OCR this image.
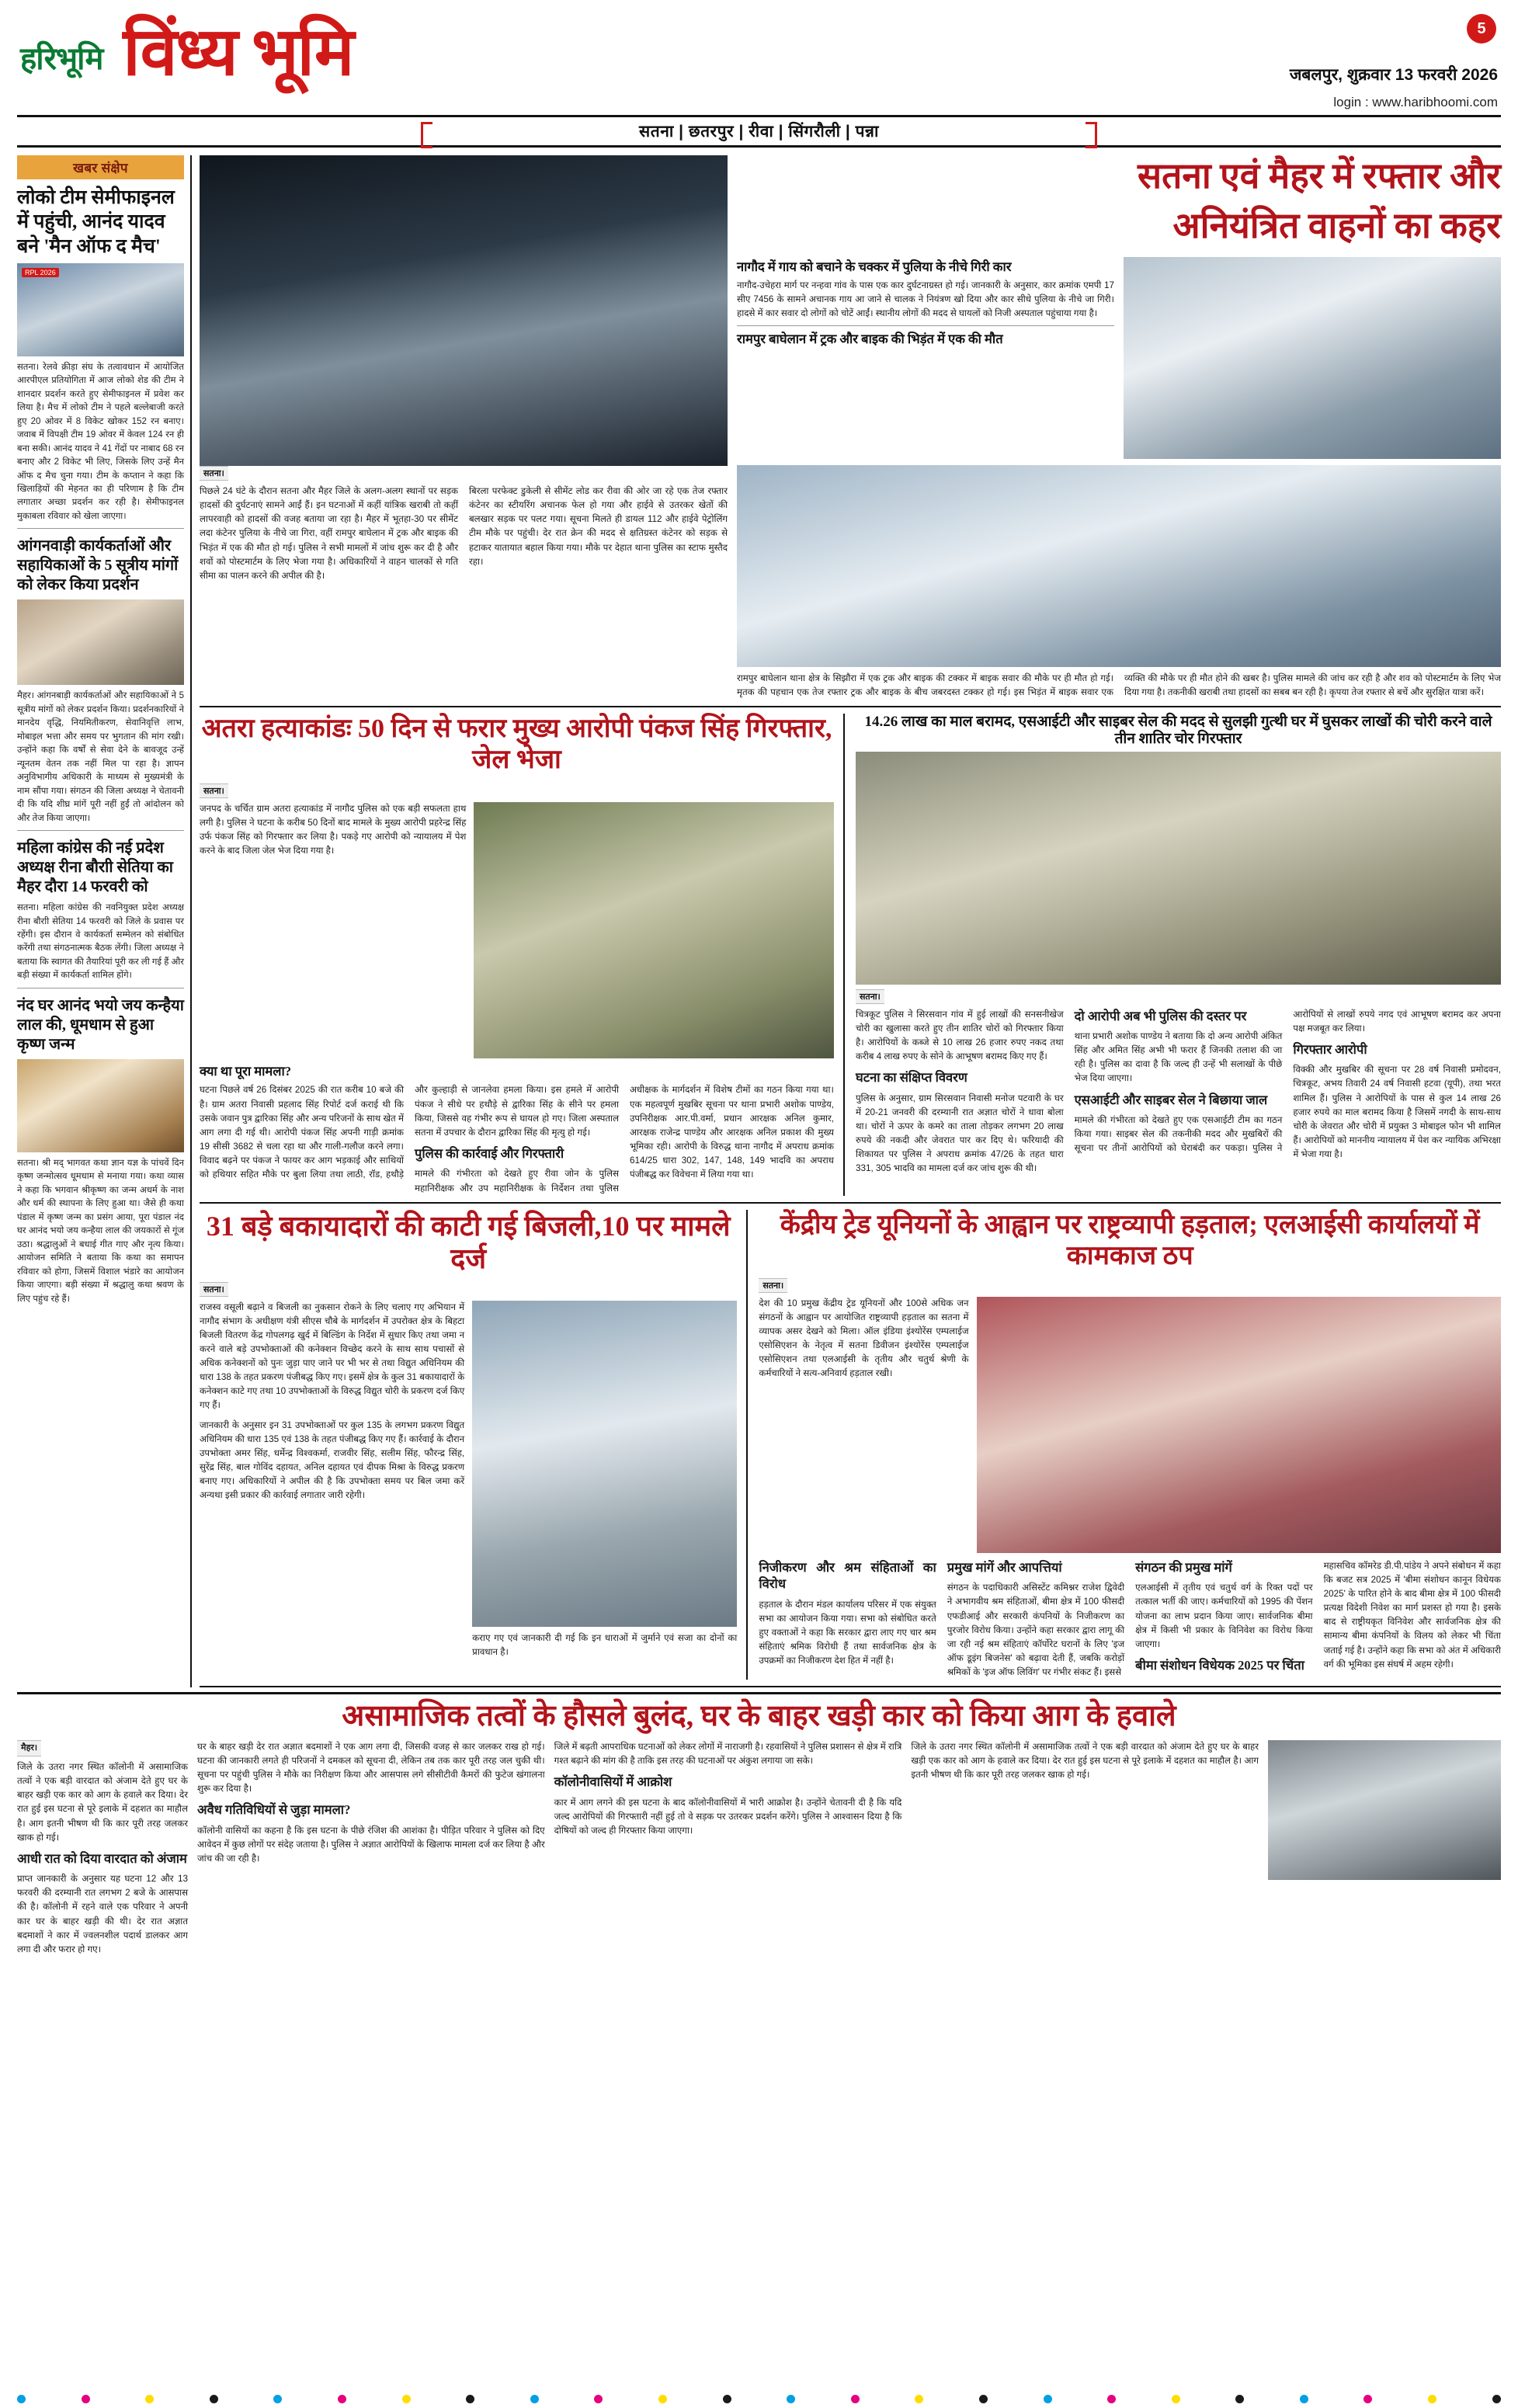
हरिभूमि विंध्य भूमि	जबलपुर, शुक्रवार 13 फरवरी 2026
login : www.haribhoomi.com
5
सतना | छतरपुर | रीवा | सिंगरौली | पन्ना
खबर संक्षेप
लोको टीम सेमीफाइनल में पहुंची, आनंद यादव बने 'मैन ऑफ द मैच'
RPL 2026
सतना। रेलवे क्रीड़ा संघ के तत्वावधान में आयोजित आरपीएल प्रतियोगिता में आज लोको शेड की टीम ने शानदार प्रदर्शन करते हुए सेमीफाइनल में प्रवेश कर लिया है। मैच में लोको टीम ने पहले बल्लेबाजी करते हुए 20 ओवर में 8 विकेट खोकर 152 रन बनाए। जवाब में विपक्षी टीम 19 ओवर में केवल 124 रन ही बना सकी। आनंद यादव ने 41 गेंदों पर नाबाद 68 रन बनाए और 2 विकेट भी लिए, जिसके लिए उन्हें मैन ऑफ द मैच चुना गया। टीम के कप्तान ने कहा कि खिलाड़ियों की मेहनत का ही परिणाम है कि टीम लगातार अच्छा प्रदर्शन कर रही है। सेमीफाइनल मुकाबला रविवार को खेला जाएगा।
आंगनवाड़ी कार्यकर्ताओं और सहायिकाओं के 5 सूत्रीय मांगों को लेकर किया प्रदर्शन
मैहर। आंगनबाड़ी कार्यकर्ताओं और सहायिकाओं ने 5 सूत्रीय मांगों को लेकर प्रदर्शन किया। प्रदर्शनकारियों ने मानदेय वृद्धि, नियमितीकरण, सेवानिवृत्ति लाभ, मोबाइल भत्ता और समय पर भुगतान की मांग रखी। उन्होंने कहा कि वर्षों से सेवा देने के बावजूद उन्हें न्यूनतम वेतन तक नहीं मिल पा रहा है। ज्ञापन अनुविभागीय अधिकारी के माध्यम से मुख्यमंत्री के नाम सौंपा गया। संगठन की जिला अध्यक्ष ने चेतावनी दी कि यदि शीघ्र मांगें पूरी नहीं हुईं तो आंदोलन को और तेज किया जाएगा।
महिला कांग्रेस की नई प्रदेश अध्यक्ष रीना बौराी सेतिया का मैहर दौरा 14 फरवरी को
सतना। महिला कांग्रेस की नवनियुक्त प्रदेश अध्यक्ष रीना बौराी सेतिया 14 फरवरी को जिले के प्रवास पर रहेंगी। इस दौरान वे कार्यकर्ता सम्मेलन को संबोधित करेंगी तथा संगठनात्मक बैठक लेंगी। जिला अध्यक्ष ने बताया कि स्वागत की तैयारियां पूरी कर ली गई हैं और बड़ी संख्या में कार्यकर्ता शामिल होंगे।
नंद घर आनंद भयो जय कन्हैया लाल की, धूमधाम से हुआ कृष्ण जन्म
सतना। श्री मद् भागवत कथा ज्ञान यज्ञ के पांचवें दिन कृष्ण जन्मोत्सव धूमधाम से मनाया गया। कथा व्यास ने कहा कि भगवान श्रीकृष्ण का जन्म अधर्म के नाश और धर्म की स्थापना के लिए हुआ था। जैसे ही कथा पंडाल में कृष्ण जन्म का प्रसंग आया, पूरा पंडाल नंद घर आनंद भयो जय कन्हैया लाल की जयकारों से गूंज उठा। श्रद्धालुओं ने बधाई गीत गाए और नृत्य किया। आयोजन समिति ने बताया कि कथा का समापन रविवार को होगा, जिसमें विशाल भंडारे का आयोजन किया जाएगा। बड़ी संख्या में श्रद्धालु कथा श्रवण के लिए पहुंच रहे हैं।
सतना।

पिछले 24 घंटे के दौरान सतना और मैहर जिले के अलग-अलग स्थानों पर सड़क हादसों की दुर्घटनाएं सामने आईं हैं। इन घटनाओं में कहीं यांत्रिक खराबी तो कहीं लापरवाही को हादसों की वजह बताया जा रहा है। मैहर में भूतहा-30 पर सीमेंट लदा कंटेनर पुलिया के नीचे जा गिरा, वहीं रामपुर बाघेलान में ट्रक और बाइक की भिड़ंत में एक की मौत हो गई। पुलिस ने सभी मामलों में जांच शुरू कर दी है और शवों को पोस्टमार्टम के लिए भेजा गया है। अधिकारियों ने वाहन चालकों से गति सीमा का पालन करने की अपील की है।

बिरला परफेक्ट डुकेली से सीमेंट लोड कर रीवा की ओर जा रहे एक तेज रफ्तार कंटेनर का स्टीयरिंग अचानक फेल हो गया और हाईवे से उतरकर खेतों की बलखार सड़क पर पलट गया। सूचना मिलते ही डायल 112 और हाईवे पेट्रोलिंग टीम मौके पर पहुंची। देर रात क्रेन की मदद से क्षतिग्रस्त कंटेनर को सड़क से हटाकर यातायात बहाल किया गया। मौके पर देहात थाना पुलिस का स्टाफ मुस्तैद रहा।

सतना एवं मैहर में रफ्तार और
अनियंत्रित वाहनों का कहर
नागौद में गाय को बचाने के चक्कर में पुलिया के नीचे गिरी कार
नागौद-उचेहरा मार्ग पर नन्हवा गांव के पास एक कार दुर्घटनाग्रस्त हो गई। जानकारी के अनुसार, कार क्रमांक एमपी 17 सीए 7456 के सामने अचानक गाय आ जाने से चालक ने नियंत्रण खो दिया और कार सीधे पुलिया के नीचे जा गिरी। हादसे में कार सवार दो लोगों को चोटें आईं। स्थानीय लोगों की मदद से घायलों को निजी अस्पताल पहुंचाया गया है।
रामपुर बाघेलान में ट्रक और बाइक की भिड़ंत में एक की मौत
रामपुर बाघेलान थाना क्षेत्र के सिझौरा में एक ट्रक और बाइक की टक्कर में बाइक सवार की मौके पर ही मौत हो गई। मृतक की पहचान एक तेज रफ्तार ट्रक और बाइक के बीच जबरदस्त टक्कर हो गई। इस भिड़ंत में बाइक सवार एक व्यक्ति की मौके पर ही मौत होने की खबर है। पुलिस मामले की जांच कर रही है और शव को पोस्टमार्टम के लिए भेज दिया गया है। तकनीकी खराबी तथा हादसों का सबब बन रही है। कृपया तेज रफ्तार से बचें और सुरक्षित यात्रा करें।
अतरा हत्याकांडः 50 दिन से फरार मुख्य आरोपी पंकज सिंह गिरफ्तार, जेल भेजा
सतना।
जनपद के चर्चित ग्राम अतरा हत्याकांड में नागौद पुलिस को एक बड़ी सफलता हाथ लगी है। पुलिस ने घटना के करीब 50 दिनों बाद मामले के मुख्य आरोपी प्रहरेन्द्र सिंह उर्फ पंकज सिंह को गिरफ्तार कर लिया है। पकड़े गए आरोपी को न्यायालय में पेश करने के बाद जिला जेल भेज दिया गया है।
क्या था पूरा मामला?

घटना पिछले वर्ष 26 दिसंबर 2025 की रात करीब 10 बजे की है। ग्राम अतरा निवासी प्रहलाद सिंह रिपोर्ट दर्ज कराई थी कि उसके जवान पुत्र द्वारिका सिंह और अन्य परिजनों के साथ खेत में आग लगा दी गई थी। आरोपी पंकज सिंह अपनी गाड़ी क्रमांक 19 सीसी 3682 से चला रहा था और गाली-गलौज करने लगा। विवाद बढ़ने पर पंकज ने फायर कर आग भड़काई और साथियों को हथियार सहित मौके पर बुला लिया तथा लाठी, रॉड, हथौड़े और कुल्हाड़ी से जानलेवा हमला किया। इस हमले में आरोपी पंकज ने सीधे पर हथौड़े से द्वारिका सिंह के सीने पर हमला किया, जिससे वह गंभीर रूप से घायल हो गए। जिला अस्पताल सतना में उपचार के दौरान द्वारिका सिंह की मृत्यु हो गई।

पुलिस की कार्रवाई और गिरफ्तारी

मामले की गंभीरता को देखते हुए रीवा जोन के पुलिस महानिरीक्षक और उप महानिरीक्षक के निर्देशन तथा पुलिस अधीक्षक के मार्गदर्शन में विशेष टीमों का गठन किया गया था। एक महत्वपूर्ण मुखबिर सूचना पर थाना प्रभारी अशोक पाण्डेय, उपनिरीक्षक आर.पी.वर्मा, प्रधान आरक्षक अनिल कुमार, आरक्षक राजेन्द्र पाण्डेय और आरक्षक अनिल प्रकाश की मुख्य भूमिका रही। आरोपी के विरुद्ध थाना नागौद में अपराध क्रमांक 614/25 धारा 302, 147, 148, 149 भादवि का अपराध पंजीबद्ध कर विवेचना में लिया गया था।

14.26 लाख का माल बरामद, एसआईटी और साइबर सेल की मदद से सुलझी गुत्थी घर में घुसकर लाखों की चोरी करने वाले तीन शातिर चोर गिरफ्तार
सतना।

चित्रकूट पुलिस ने सिरसवान गांव में हुई लाखों की सनसनीखेज चोरी का खुलासा करते हुए तीन शातिर चोरों को गिरफ्तार किया है। आरोपियों के कब्जे से 10 लाख 26 हजार रुपए नकद तथा करीब 4 लाख रुपए के सोने के आभूषण बरामद किए गए हैं।

घटना का संक्षिप्त विवरण

पुलिस के अनुसार, ग्राम सिरसवान निवासी मनोज पटवारी के घर में 20-21 जनवरी की दरम्यानी रात अज्ञात चोरों ने धावा बोला था। चोरों ने ऊपर के कमरे का ताला तोड़कर लगभग 20 लाख रुपये की नकदी और जेवरात पार कर दिए थे। फरियादी की शिकायत पर पुलिस ने अपराध क्रमांक 47/26 के तहत धारा 331, 305 भादवि का मामला दर्ज कर जांच शुरू की थी।

दो आरोपी अब भी पुलिस की दस्तर पर

थाना प्रभारी अशोक पाण्डेय ने बताया कि दो अन्य आरोपी अंकित सिंह और अमित सिंह अभी भी फरार हैं जिनकी तलाश की जा रही है। पुलिस का दावा है कि जल्द ही उन्हें भी सलाखों के पीछे भेज दिया जाएगा।

एसआईटी और साइबर सेल ने बिछाया जाल

मामले की गंभीरता को देखते हुए एक एसआईटी टीम का गठन किया गया। साइबर सेल की तकनीकी मदद और मुखबिरों की सूचना पर तीनों आरोपियों को घेराबंदी कर पकड़ा। पुलिस ने आरोपियों से लाखों रुपये नगद एवं आभूषण बरामद कर अपना पक्ष मजबूत कर लिया।

गिरफ्तार आरोपी

विक्की और मुखबिर की सूचना पर 28 वर्ष निवासी प्रमोदवन, चित्रकूट, अभय तिवारी 24 वर्ष निवासी हटवा (यूपी), तथा भरत शामिल हैं। पुलिस ने आरोपियों के पास से कुल 14 लाख 26 हजार रुपये का माल बरामद किया है जिसमें नगदी के साथ-साथ चोरी के जेवरात और चोरी में प्रयुक्त 3 मोबाइल फोन भी शामिल हैं। आरोपियों को माननीय न्यायालय में पेश कर न्यायिक अभिरक्षा में भेजा गया है।

31 बड़े बकायादारों की काटी गई बिजली,10 पर मामले दर्ज
सतना।

राजस्व वसूली बढ़ाने व बिजली का नुकसान रोकने के लिए चलाए गए अभियान में नागौद संभाग के अधीक्षण यंत्री सीएस चौबे के मार्गदर्शन में उपरोक्त क्षेत्र के बिहटा बिजली वितरण केंद्र गोपलगढ़ खुर्द में बिल्डिंग के निर्देश में सुधार किए तथा जमा न करने वाले बड़े उपभोक्ताओं की कनेक्शन विच्छेद करने के साथ साथ पचासों से अधिक कनेक्शनों को पुनः जुड़ा पाए जाने पर भी भर से तथा विद्युत अधिनियम की धारा 138 के तहत प्रकरण पंजीबद्ध किए गए। इसमें क्षेत्र के कुल 31 बकायादारों के कनेक्शन काटे गए तथा 10 उपभोक्ताओं के विरुद्ध विद्युत चोरी के प्रकरण दर्ज किए गए हैं।

जानकारी के अनुसार इन 31 उपभोक्ताओं पर कुल 135 के लगभग प्रकरण विद्युत अधिनियम की धारा 135 एवं 138 के तहत पंजीबद्ध किए गए हैं। कार्रवाई के दौरान उपभोक्ता अमर सिंह, धर्मेन्द्र विश्वकर्मा, राजवीर सिंह, सलीम सिंह, फौरन्द्र सिंह, सुरेंद्र सिंह, बाल गोविंद दहायत, अनिल दहायत एवं दीपक मिश्रा के विरुद्ध प्रकरण बनाए गए। अधिकारियों ने अपील की है कि उपभोक्ता समय पर बिल जमा करें अन्यथा इसी प्रकार की कार्रवाई लगातार जारी रहेगी।

कराए गए एवं जानकारी दी गई कि इन धाराओं में जुर्माने एवं सजा का दोनों का प्रावधान है।
केंद्रीय ट्रेड यूनियनों के आह्वान पर राष्ट्रव्यापी हड़ताल; एलआईसी कार्यालयों में कामकाज ठप
सतना।
देश की 10 प्रमुख केंद्रीय ट्रेड यूनियनों और 100से अधिक जन संगठनों के आह्वान पर आयोजित राष्ट्रव्यापी हड़ताल का सतना में व्यापक असर देखने को मिला। ऑल इंडिया इंश्योरेंस एम्पलाईज एसोसिएशन के नेतृत्व में सतना डिवीजन इंश्योरेंस एम्पलाईज एसोसिएशन तथा एलआईसी के तृतीय और चतुर्थ श्रेणी के कर्मचारियों ने सत्य-अनिवार्य हड़ताल रखी।

निजीकरण और श्रम संहिताओं का विरोध

हड़ताल के दौरान मंडल कार्यालय परिसर में एक संयुक्त सभा का आयोजन किया गया। सभा को संबोधित करते हुए वक्ताओं ने कहा कि सरकार द्वारा लाए गए चार श्रम संहिताएं श्रमिक विरोधी हैं तथा सार्वजनिक क्षेत्र के उपक्रमों का निजीकरण देश हित में नहीं है।

प्रमुख मांगें और आपत्तियां

संगठन के पदाधिकारी असिस्टेंट कमिश्नर राजेश द्विवेदी ने अभागवीय श्रम संहिताओं, बीमा क्षेत्र में 100 फीसदी एफडीआई और सरकारी कंपनियों के निजीकरण का पुरजोर विरोध किया। उन्होंने कहा सरकार द्वारा लागू की जा रही नई श्रम संहिताएं कॉर्पोरेट घरानों के लिए 'इज ऑफ डूइंग बिजनेस' को बढ़ावा देती हैं, जबकि करोड़ों श्रमिकों के 'इज ऑफ लिविंग' पर गंभीर संकट हैं। इससे

संगठन की प्रमुख मांगें

एलआईसी में तृतीय एवं चतुर्थ वर्ग के रिक्त पदों पर तत्काल भर्ती की जाए। कर्मचारियों को 1995 की पेंशन योजना का लाभ प्रदान किया जाए। सार्वजनिक बीमा क्षेत्र में किसी भी प्रकार के विनिवेश का विरोध किया जाएगा।

बीमा संशोधन विधेयक 2025 पर चिंता

महासचिव कॉमरेड डी.पी.पांडेय ने अपने संबोधन में कहा कि बजट सत्र 2025 में 'बीमा संशोधन कानून विधेयक 2025' के पारित होने के बाद बीमा क्षेत्र में 100 फीसदी प्रत्यक्ष विदेशी निवेश का मार्ग प्रशस्त हो गया है। इसके बाद से राष्ट्रीयकृत विनिवेश और सार्वजनिक क्षेत्र की सामान्य बीमा कंपनियों के विलय को लेकर भी चिंता जताई गई है। उन्होंने कहा कि सभा को अंत में अधिकारी वर्ग की भूमिका इस संघर्ष में अहम रहेगी।

असामाजिक तत्वों के हौसले बुलंद, घर के बाहर खड़ी कार को किया आग के हवाले
मैहर।

जिले के उतरा नगर स्थित कॉलोनी में असामाजिक तत्वों ने एक बड़ी वारदात को अंजाम देते हुए घर के बाहर खड़ी एक कार को आग के हवाले कर दिया। देर रात हुई इस घटना से पूरे इलाके में दहशत का माहौल है। आग इतनी भीषण थी कि कार पूरी तरह जलकर खाक हो गई।

आधी रात को दिया वारदात को अंजाम

प्राप्त जानकारी के अनुसार यह घटना 12 और 13 फरवरी की दरम्यानी रात लगभग 2 बजे के आसपास की है। कॉलोनी में रहने वाले एक परिवार ने अपनी कार घर के बाहर खड़ी की थी। देर रात अज्ञात बदमाशों ने कार में ज्वलनशील पदार्थ डालकर आग लगा दी और फरार हो गए।

घर के बाहर खड़ी देर रात अज्ञात बदमाशों ने एक आग लगा दी, जिसकी वजह से कार जलकर राख हो गई। घटना की जानकारी लगते ही परिजनों ने दमकल को सूचना दी, लेकिन तब तक कार पूरी तरह जल चुकी थी। सूचना पर पहुंची पुलिस ने मौके का निरीक्षण किया और आसपास लगे सीसीटीवी कैमरों की फुटेज खंगालना शुरू कर दिया है।

अवैध गतिविधियों से जुड़ा मामला?

कॉलोनी वासियों का कहना है कि इस घटना के पीछे रंजिश की आशंका है। पीड़ित परिवार ने पुलिस को दिए आवेदन में कुछ लोगों पर संदेह जताया है। पुलिस ने अज्ञात आरोपियों के खिलाफ मामला दर्ज कर लिया है और जांच की जा रही है।

जिले में बढ़ती आपराधिक घटनाओं को लेकर लोगों में नाराजगी है। रहवासियों ने पुलिस प्रशासन से क्षेत्र में रात्रि गश्त बढ़ाने की मांग की है ताकि इस तरह की घटनाओं पर अंकुश लगाया जा सके।

कॉलोनीवासियों में आक्रोश

कार में आग लगने की इस घटना के बाद कॉलोनीवासियों में भारी आक्रोश है। उन्होंने चेतावनी दी है कि यदि जल्द आरोपियों की गिरफ्तारी नहीं हुई तो वे सड़क पर उतरकर प्रदर्शन करेंगे। पुलिस ने आश्वासन दिया है कि दोषियों को जल्द ही गिरफ्तार किया जाएगा।

जिले के उतरा नगर स्थित कॉलोनी में असामाजिक तत्वों ने एक बड़ी वारदात को अंजाम देते हुए घर के बाहर खड़ी एक कार को आग के हवाले कर दिया। देर रात हुई इस घटना से पूरे इलाके में दहशत का माहौल है। आग इतनी भीषण थी कि कार पूरी तरह जलकर खाक हो गई।
